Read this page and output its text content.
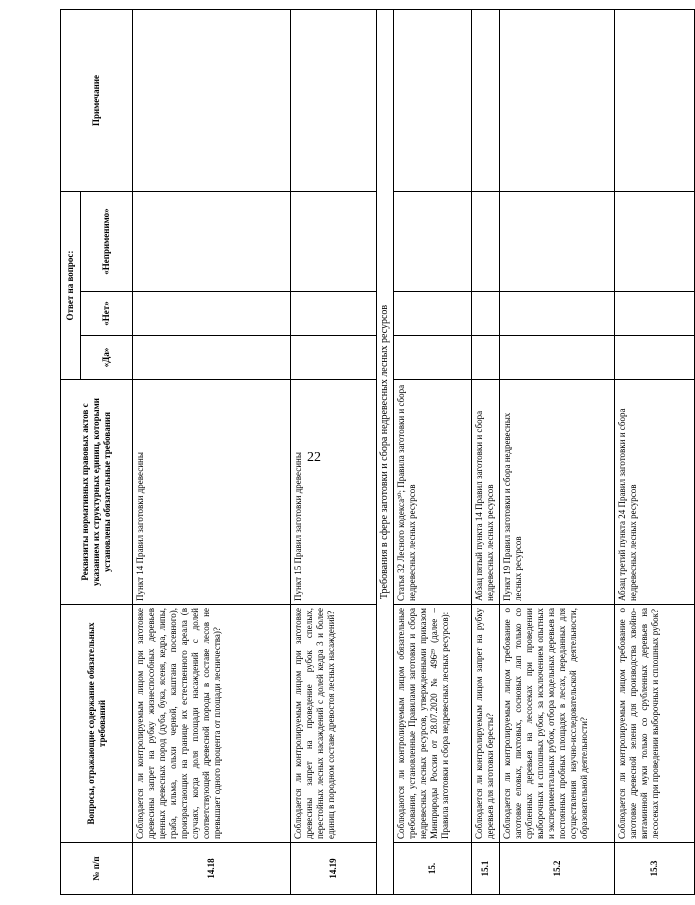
22
№ п/п	Вопросы, отражающие содержание обязательных требований	Реквизиты нормативных правовых актов с указанием их структурных единиц, которыми установлены обязательные требования	Ответ на вопрос:			Примечание
			«Да»	«Нет»	«Неприменимо»	
14.18	Соблюдается ли контролируемым лицом при заготовке древесины запрет на рубку жизнеспособных деревьев ценных древесных пород (дуба, бука, ясеня, кедра, липы, граба, ильма, ольхи черной, каштана посевного), произрастающих на границе их естественного ареала (в случаях, когда доля площади насаждений с долей соответствующей древесной породы в составе лесов не превышает одного процента от площади лесничества)?	Пункт 14 Правил заготовки древесины				
14.19	Соблюдается ли контролируемым лицом при заготовке древесины запрет на проведение рубок спелых, перестойных лесных насаждений с долей кедра 3 и более единиц в породном составе древостоя лесных насаждений?	Пункт 15 Правил заготовки древесины				
Требования в сфере заготовки и сбора недревесных лесных ресурсов						
15.	Соблюдаются ли контролируемым лицом обязательные требования, установленные Правилами заготовки и сбора недревесных лесных ресурсов, утвержденными приказом Минприроды России от 28.07.2020 № 496²⁹ (далее – Правила заготовки и сбора недревесных лесных ресурсов):	Статья 32 Лесного кодекса³⁰; Правила заготовки и сбора недревесных лесных ресурсов				
15.1	Соблюдается ли контролируемым лицом запрет на рубку деревьев для заготовки бересты?	Абзац пятый пункта 14 Правил заготовки и сбора недревесных лесных ресурсов				
15.2	Соблюдается ли контролируемым лицом требование о заготовке еловых, пихтовых, сосновых лап только со срубленных деревьев на лесосеках при проведении выборочных и сплошных рубок, за исключением опытных и экспериментальных рубок, отбора модельных деревьев на постоянных пробных площадях в лесах, переданных для осуществления научно-исследовательской деятельности, образовательной деятельности?	Пункт 19 Правил заготовки и сбора недревесных лесных ресурсов				
15.3	Соблюдается ли контролируемым лицом требование о заготовке древесной зелени для производства хвойно-витаминной муки только со срубленных деревьев на лесосеках при проведении выборочных и сплошных рубок?	Абзац третий пункта 24 Правил заготовки и сбора недревесных лесных ресурсов				
